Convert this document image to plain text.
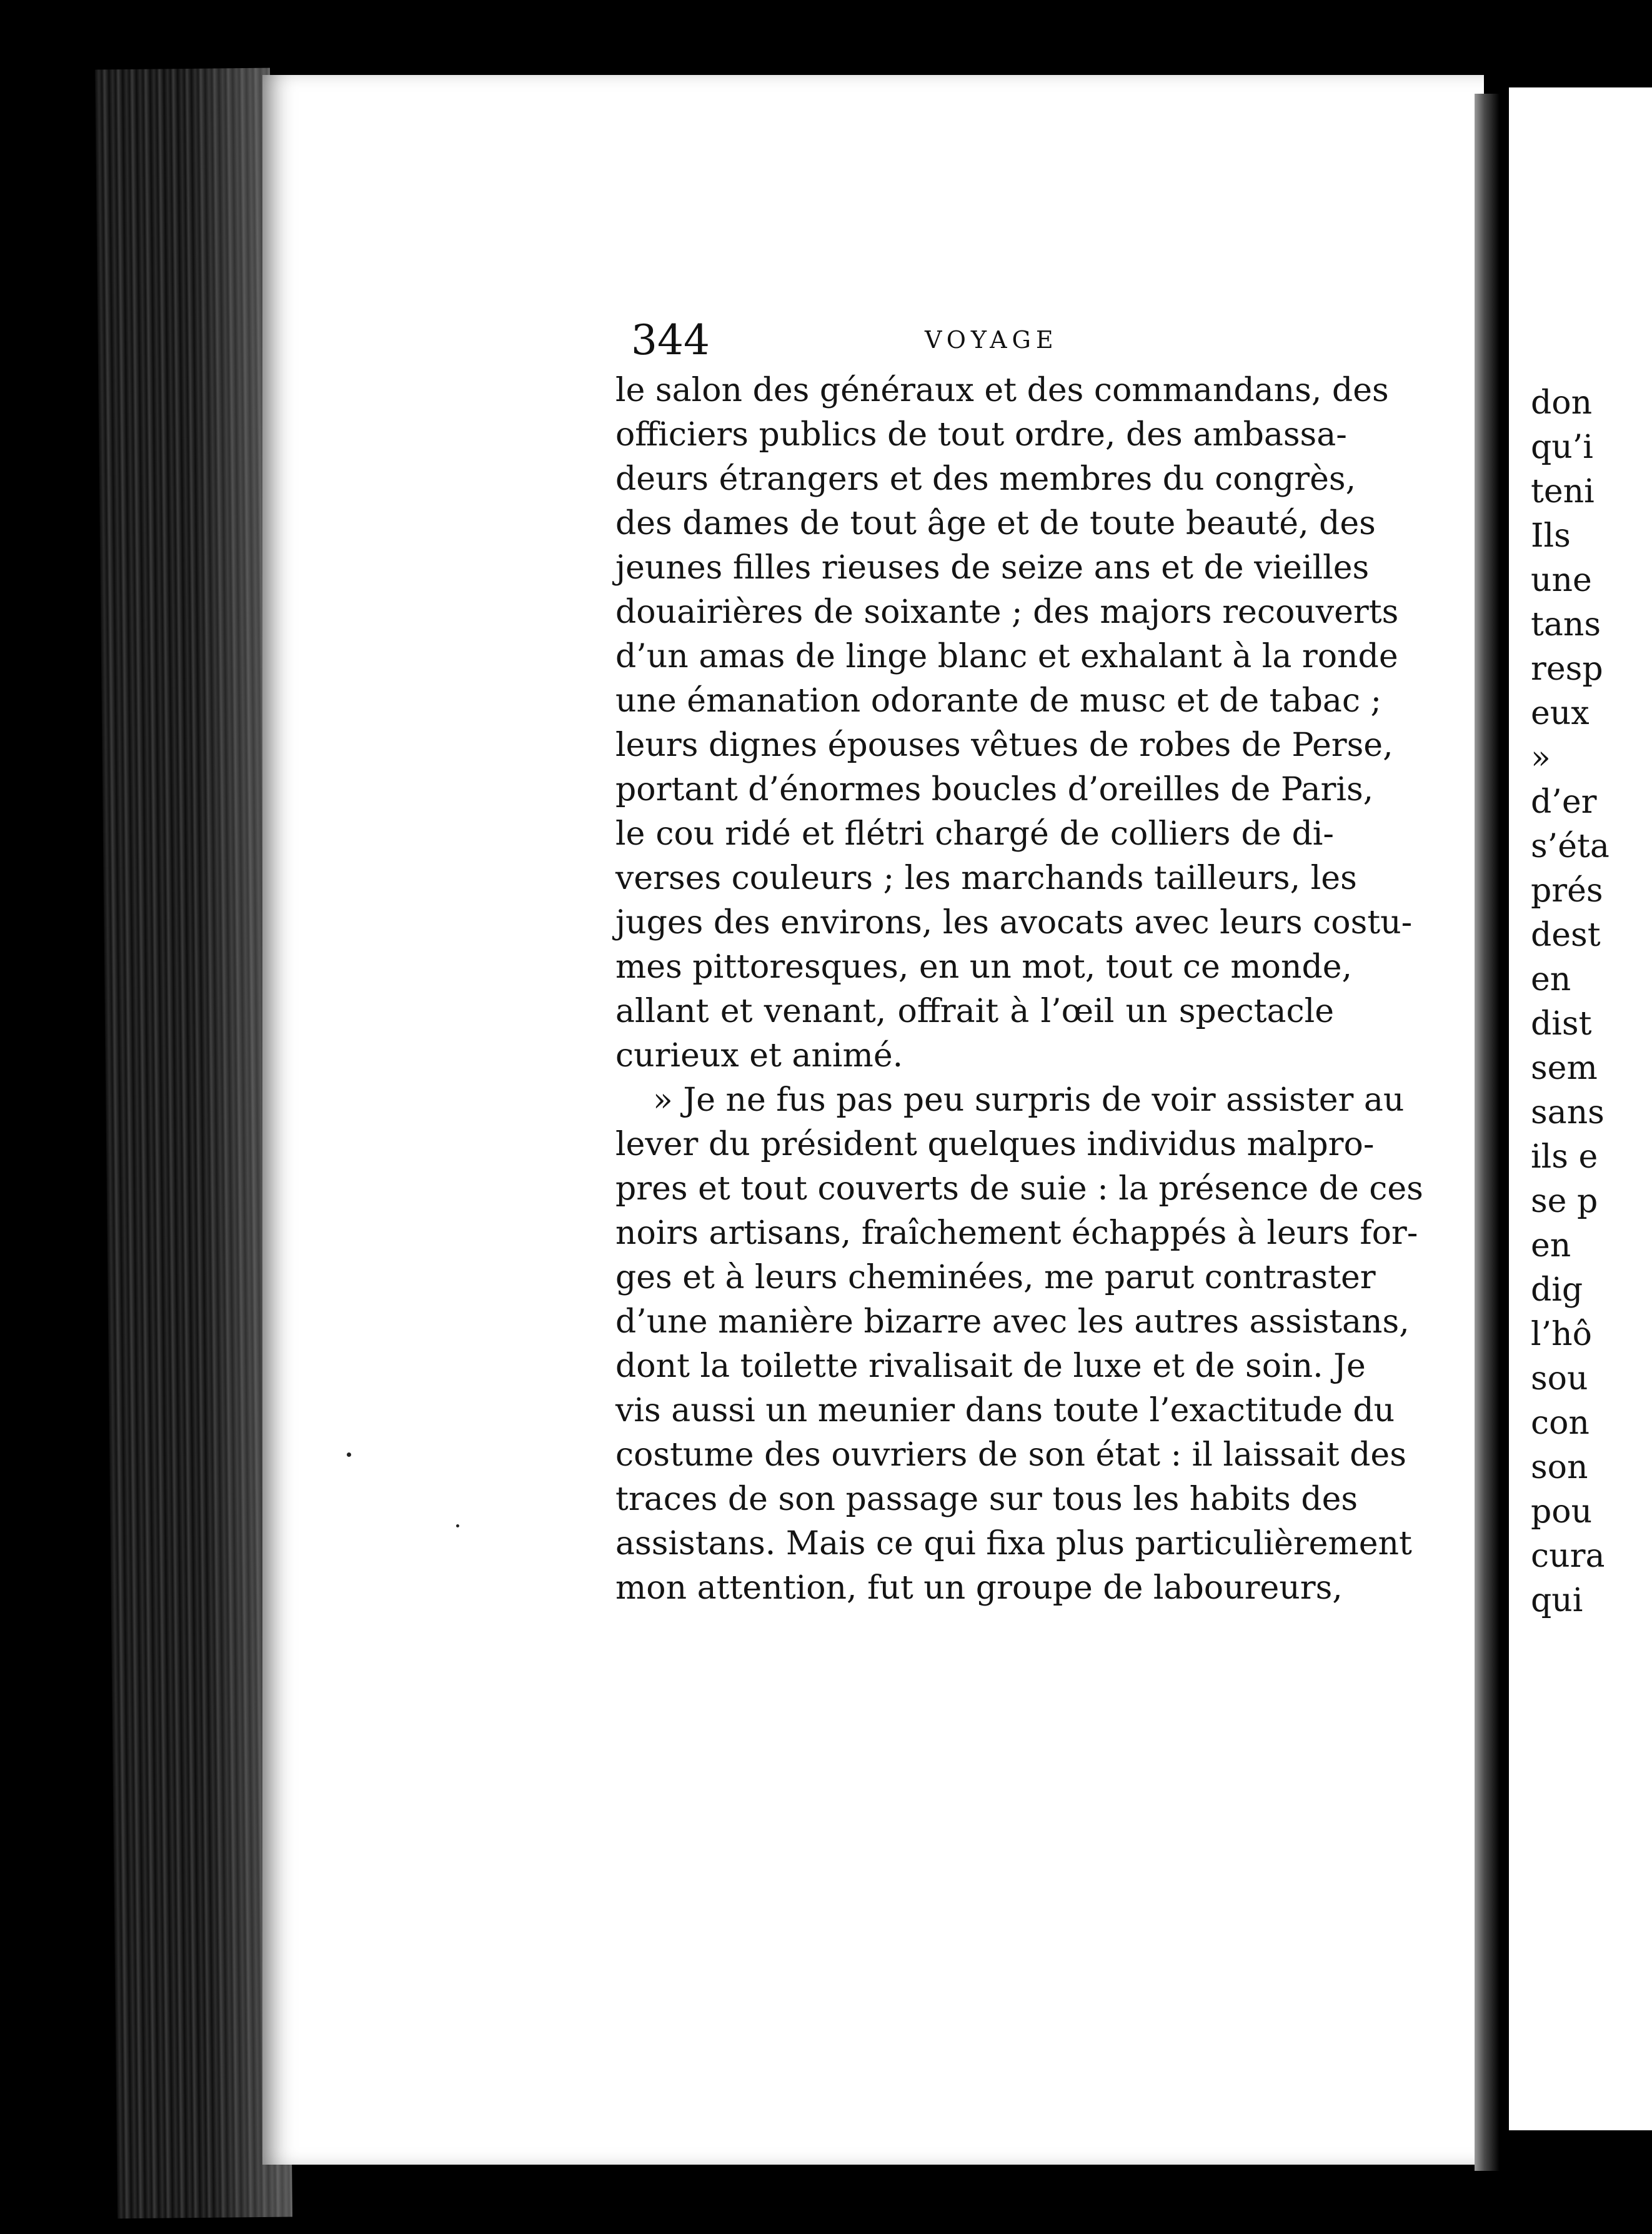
don
qu’i
teni
Ils
une
tans
resp
eux
»
d’er
s’éta
prés
dest
en
dist
sem
sans
ils e
se p
en
dig
l’hô
sou
con
son
pou
cura
qui
344	VOYAGE
le salon des généraux et des commandans, des
officiers publics de tout ordre, des ambassa-
deurs étrangers et des membres du congrès,
des dames de tout âge et de toute beauté, des
jeunes filles rieuses de seize ans et de vieilles
douairières de soixante ; des majors recouverts
d’un amas de linge blanc et exhalant à la ronde
une émanation odorante de musc et de tabac ;
leurs dignes épouses vêtues de robes de Perse,
portant d’énormes boucles d’oreilles de Paris,
le cou ridé et flétri chargé de colliers de di-
verses couleurs ; les marchands tailleurs, les
juges des environs, les avocats avec leurs costu-
mes pittoresques, en un mot, tout ce monde,
allant et venant, offrait à l’œil un spectacle
curieux et animé.
» Je ne fus pas peu surpris de voir assister au
lever du président quelques individus malpro-
pres et tout couverts de suie : la présence de ces
noirs artisans, fraîchement échappés à leurs for-
ges et à leurs cheminées, me parut contraster
d’une manière bizarre avec les autres assistans,
dont la toilette rivalisait de luxe et de soin. Je
vis aussi un meunier dans toute l’exactitude du
costume des ouvriers de son état : il laissait des
traces de son passage sur tous les habits des
assistans. Mais ce qui fixa plus particulièrement
mon attention, fut un groupe de laboureurs,
